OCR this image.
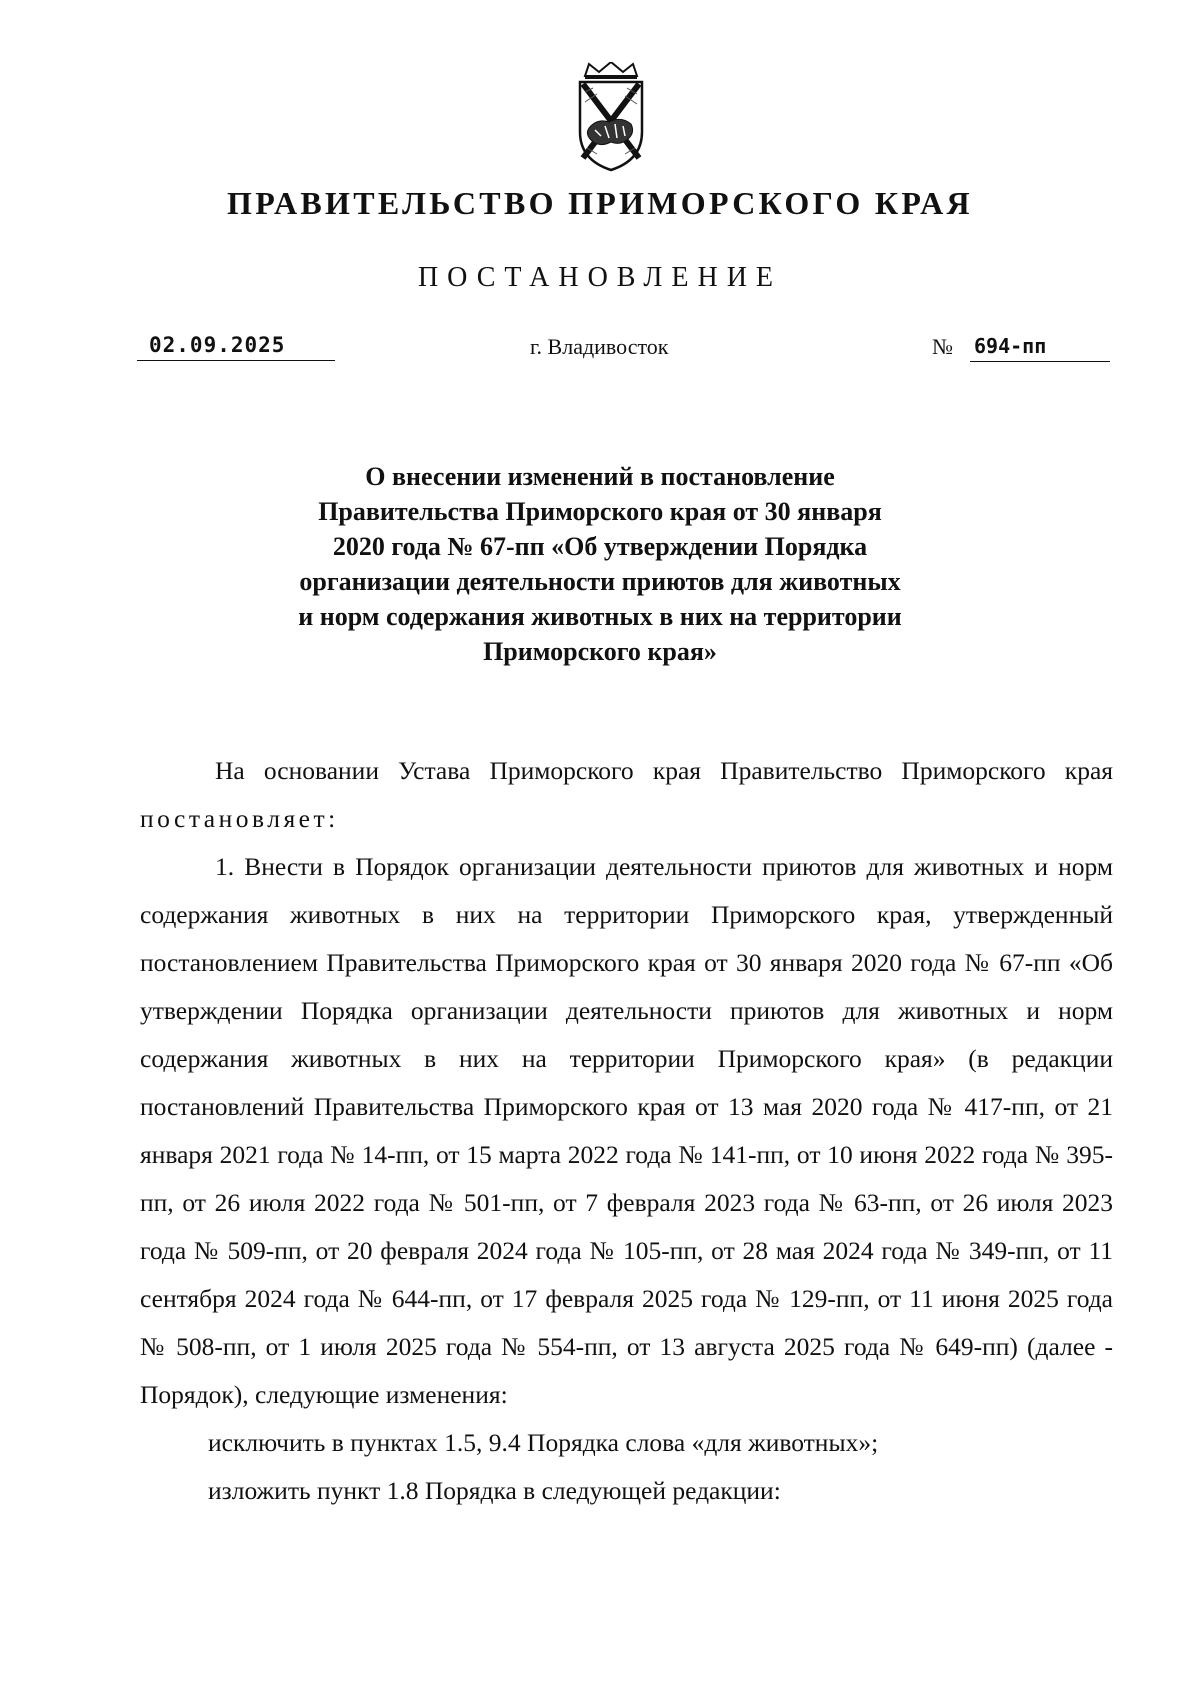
ПРАВИТЕЛЬСТВО ПРИМОРСКОГО КРАЯ
ПОСТАНОВЛЕНИЕ
02.09.2025	г. Владивосток	№ 694-пп
О внесении изменений в постановление
Правительства Приморского края от 30 января
2020 года № 67-пп «Об утверждении Порядка
организации деятельности приютов для животных
и норм содержания животных в них на территории
Приморского края»

На основании Устава Приморского края Правительство Приморского края постановляет:

1. Внести в Порядок организации деятельности приютов для животных и норм содержания животных в них на территории Приморского края, утвержденный постановлением Правительства Приморского края от 30 января 2020 года № 67-пп «Об утверждении Порядка организации деятельности приютов для животных и норм содержания животных в них на территории Приморского края» (в редакции постановлений Правительства Приморского края от 13 мая 2020 года № 417-пп, от 21 января 2021 года № 14-пп, от 15 марта 2022 года № 141-пп, от 10 июня 2022 года № 395-пп, от 26 июля 2022 года № 501-пп, от 7 февраля 2023 года № 63-пп, от 26 июля 2023 года № 509-пп, от 20 февраля 2024 года № 105-пп, от 28 мая 2024 года № 349-пп, от 11 сентября 2024 года № 644-пп, от 17 февраля 2025 года № 129-пп, от 11 июня 2025 года № 508-пп, от 1 июля 2025 года № 554-пп, от 13 августа 2025 года № 649-пп) (далее - Порядок), следующие изменения:

исключить в пунктах 1.5, 9.4 Порядка слова «для животных»;

изложить пункт 1.8 Порядка в следующей редакции:
